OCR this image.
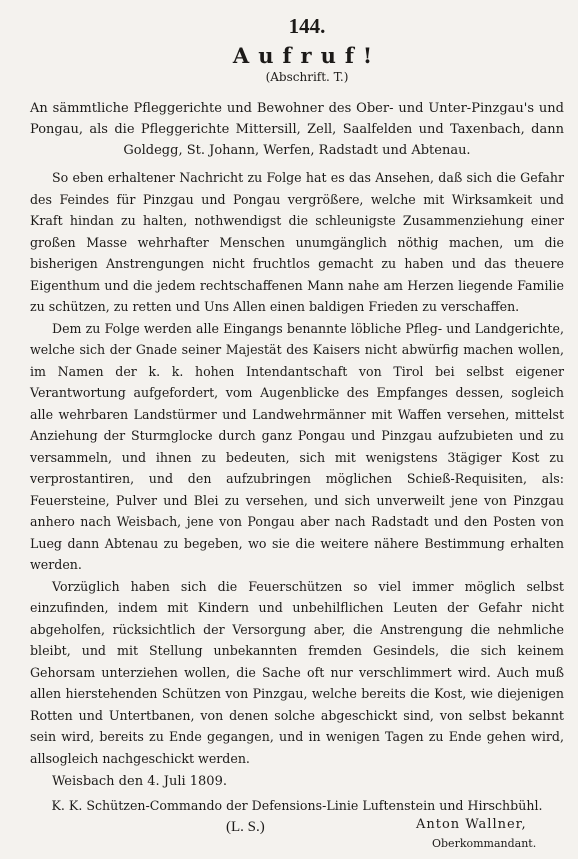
144.
Aufruf!
(Abschrift. T.)
An sämmtliche Pfleggerichte und Bewohner des Ober- und Unter-Pinzgau's und Pongau, als die Pfleggerichte Mittersill, Zell, Saalfelden und Taxenbach, dann Goldegg, St. Johann, Werfen, Radstadt und Abtenau.

So eben erhaltener Nachricht zu Folge hat es das Ansehen, daß sich die Gefahr des Feindes für Pinzgau und Pongau vergrößere, welche mit Wirksamkeit und Kraft hindan zu halten, nothwendigst die schleunigste Zusammenziehung einer großen Masse wehrhafter Menschen unumgänglich nöthig machen, um die bisherigen Anstrengungen nicht fruchtlos gemacht zu haben und das theuere Eigenthum und die jedem rechtschaffenen Mann nahe am Herzen liegende Familie zu schützen, zu retten und Uns Allen einen baldigen Frieden zu verschaffen.

Dem zu Folge werden alle Eingangs benannte löbliche Pfleg- und Landgerichte, welche sich der Gnade seiner Majestät des Kaisers nicht abwürfig machen wollen, im Namen der k. k. hohen Intendantschaft von Tirol bei selbst eigener Verantwortung aufgefordert, vom Augenblicke des Empfanges dessen, sogleich alle wehrbaren Landstürmer und Landwehrmänner mit Waffen versehen, mittelst Anziehung der Sturmglocke durch ganz Pongau und Pinzgau aufzubieten und zu versammeln, und ihnen zu bedeuten, sich mit wenigstens 3tägiger Kost zu verprostantiren, und den aufzubringen möglichen Schieß-Requisiten, als: Feuersteine, Pulver und Blei zu versehen, und sich unverweilt jene von Pinzgau anhero nach Weisbach, jene von Pongau aber nach Radstadt und den Posten von Lueg dann Abtenau zu begeben, wo sie die weitere nähere Bestimmung erhalten werden.

Vorzüglich haben sich die Feuerschützen so viel immer möglich selbst einzufinden, indem mit Kindern und unbehilflichen Leuten der Gefahr nicht abgeholfen, rücksichtlich der Versorgung aber, die Anstrengung die nehmliche bleibt, und mit Stellung unbekannten fremden Gesindels, die sich keinem Gehorsam unterziehen wollen, die Sache oft nur verschlimmert wird. Auch muß allen hierstehenden Schützen von Pinzgau, welche bereits die Kost, wie diejenigen Rotten und Untertbanen, von denen solche abgeschickt sind, von selbst bekannt sein wird, bereits zu Ende gegangen, und in wenigen Tagen zu Ende gehen wird, allsogleich nachgeschickt werden.

Weisbach den 4. Juli 1809.
K. K. Schützen-Commando der Defensions-Linie Luftenstein und Hirschbühl.
(L. S.)	Anton Wallner,
Oberkommandant.
